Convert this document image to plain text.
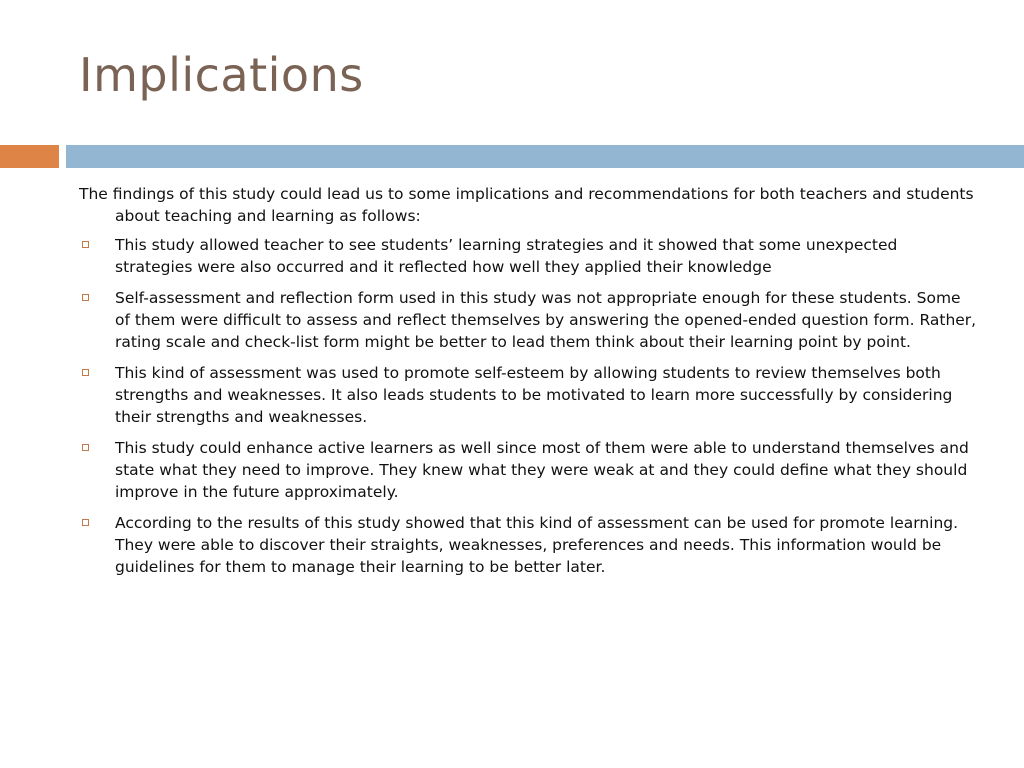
Implications

The findings of this study could lead us to some implications and recommendations for both teachers and students about teaching and learning as follows:

This study allowed teacher to see students’ learning strategies and it showed that some unexpected strategies were also occurred and it reflected how well they applied their knowledge
Self-assessment and reflection form used in this study was not appropriate enough for these students. Some of them were difficult to assess and reflect themselves by answering the opened-ended question form. Rather, rating scale and check-list form might be better to lead them think about their learning point by point.
This kind of assessment was used to promote self-esteem by allowing students to review themselves both strengths and weaknesses. It also leads students to be motivated to learn more successfully by considering their strengths and weaknesses.
This study could enhance active learners as well since most of them were able to understand themselves and state what they need to improve. They knew what they were weak at and they could define what they should improve in the future approximately.
According to the results of this study showed that this kind of assessment can be used for promote learning. They were able to discover their straights, weaknesses, preferences and needs. This information would be guidelines for them to manage their learning to be better later.
